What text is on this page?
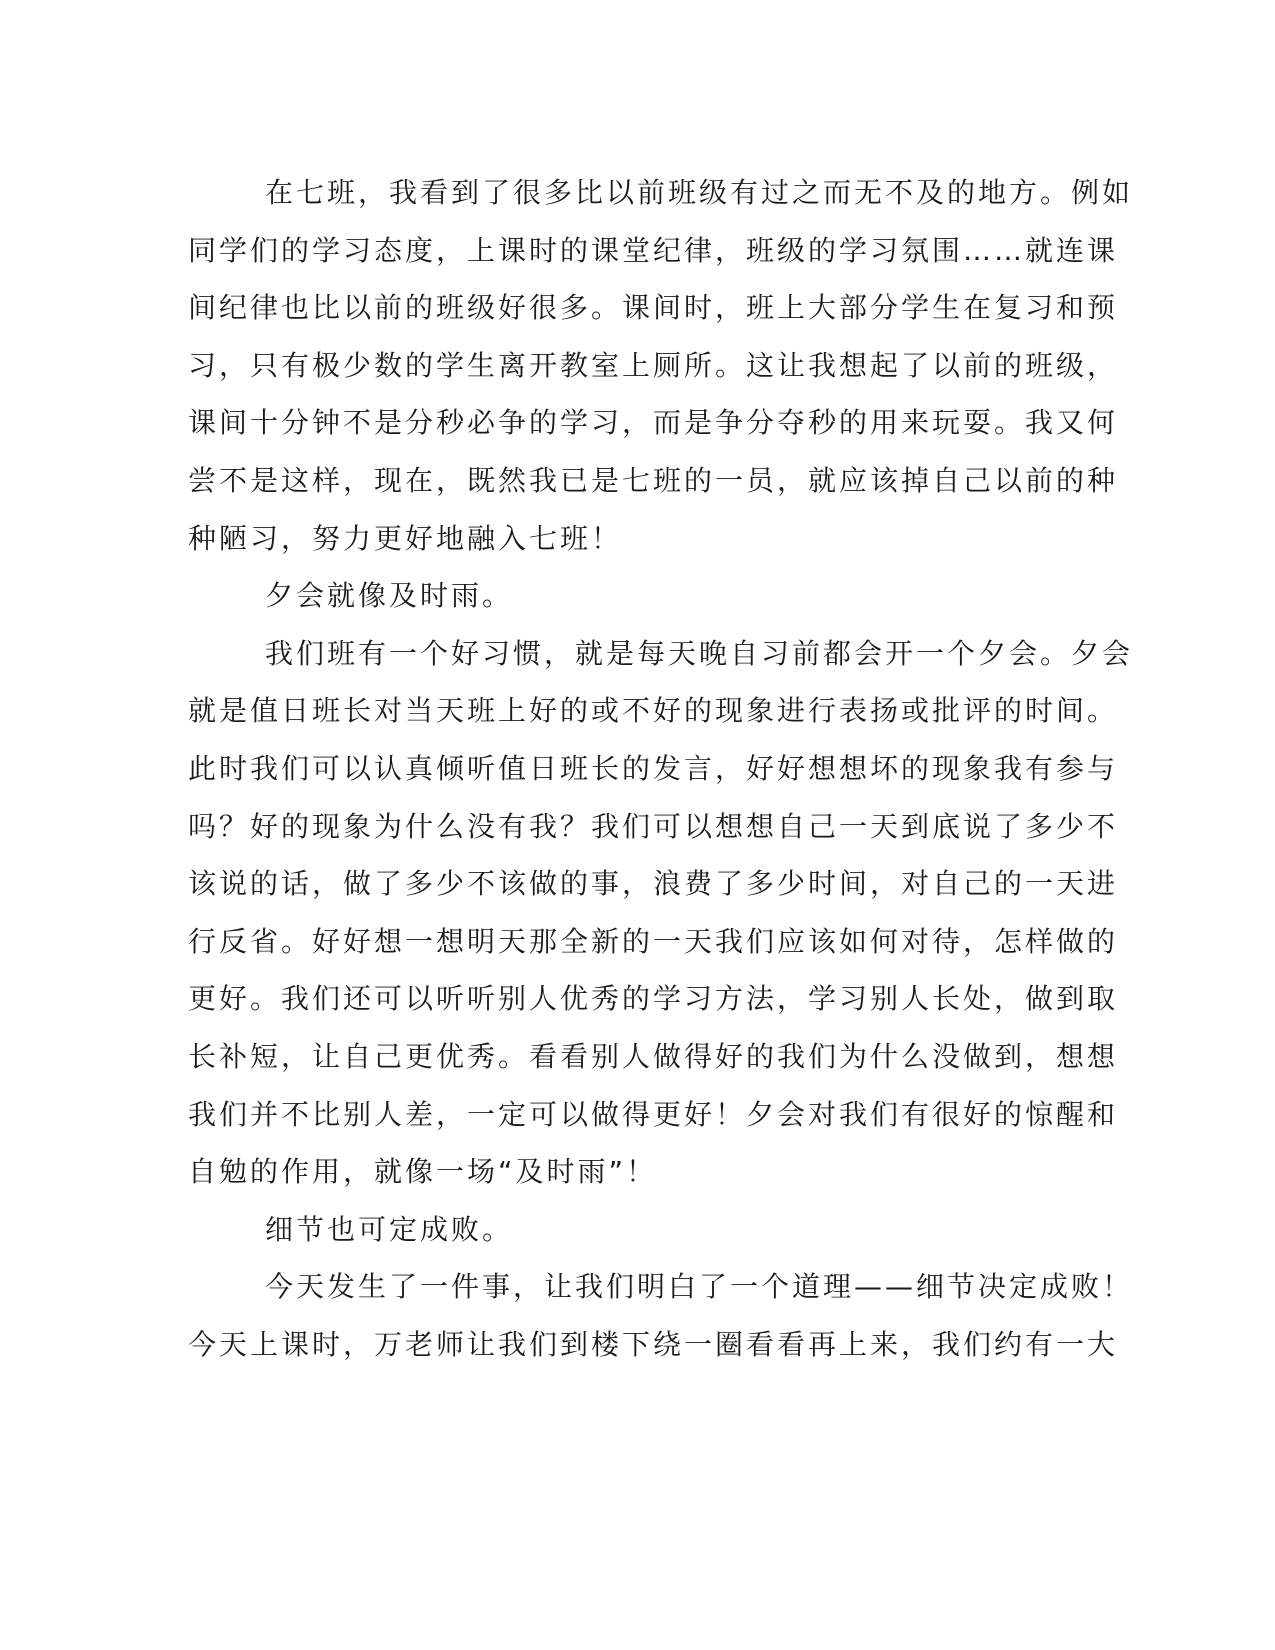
在七班，我看到了很多比以前班级有过之而无不及的地方。例如
同学们的学习态度，上课时的课堂纪律，班级的学习氛围……就连课
间纪律也比以前的班级好很多。课间时，班上大部分学生在复习和预
习，只有极少数的学生离开教室上厕所。这让我想起了以前的班级，
课间十分钟不是分秒必争的学习，而是争分夺秒的用来玩耍。我又何
尝不是这样，现在，既然我已是七班的一员，就应该掉自己以前的种
种陋习，努力更好地融入七班！
夕会就像及时雨。
我们班有一个好习惯，就是每天晚自习前都会开一个夕会。夕会
就是值日班长对当天班上好的或不好的现象进行表扬或批评的时间。
此时我们可以认真倾听值日班长的发言，好好想想坏的现象我有参与
吗？好的现象为什么没有我？我们可以想想自己一天到底说了多少不
该说的话，做了多少不该做的事，浪费了多少时间，对自己的一天进
行反省。好好想一想明天那全新的一天我们应该如何对待，怎样做的
更好。我们还可以听听别人优秀的学习方法，学习别人长处，做到取
长补短，让自己更优秀。看看别人做得好的我们为什么没做到，想想
我们并不比别人差，一定可以做得更好！夕会对我们有很好的惊醒和
自勉的作用，就像一场“及时雨”！
细节也可定成败。
今天发生了一件事，让我们明白了一个道理——细节决定成败！
今天上课时，万老师让我们到楼下绕一圈看看再上来，我们约有一大
